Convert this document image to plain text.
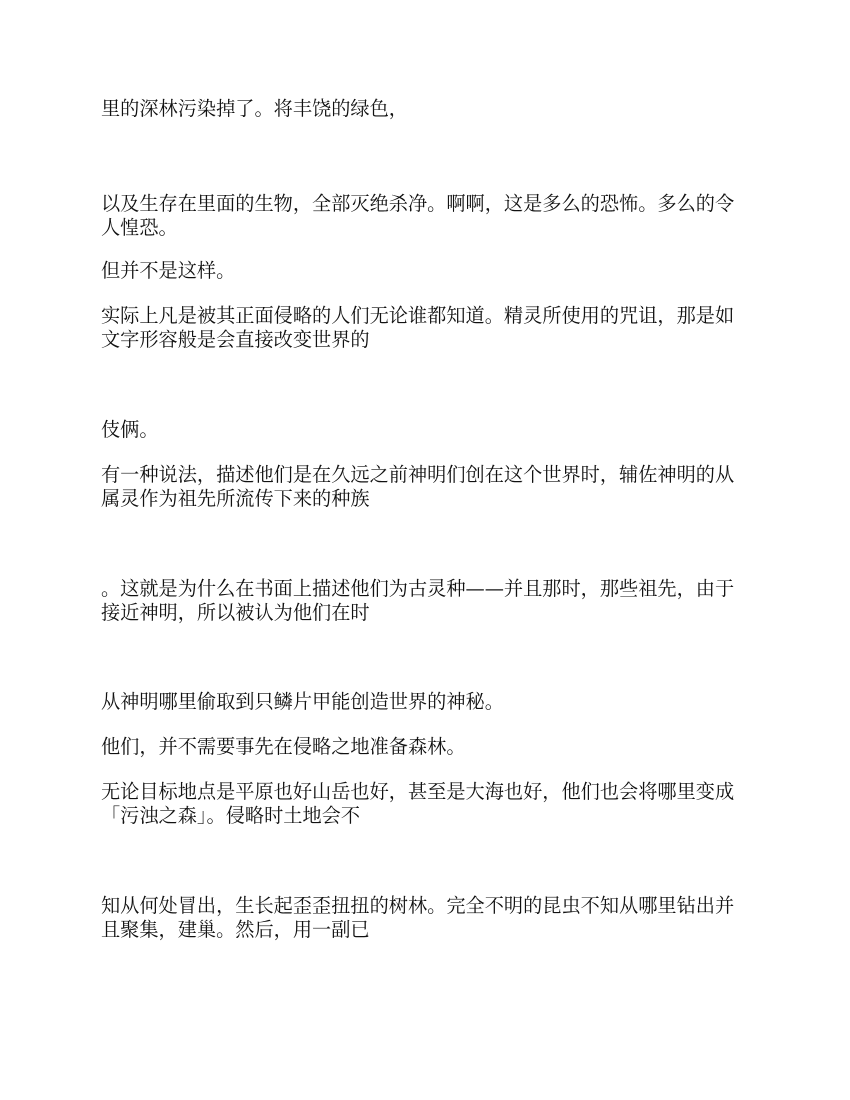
里的深林污染掉了。将丰饶的绿色，

以及生存在里面的生物，全部灭绝杀净。啊啊，这是多么的恐怖。多么的令人惶恐。

但并不是这样。

实际上凡是被其正面侵略的人们无论谁都知道。精灵所使用的咒诅，那是如文字形容般是会直接改变世界的

伎俩。

有一种说法，描述他们是在久远之前神明们创在这个世界时，辅佐神明的从属灵作为祖先所流传下来的种族

。这就是为什么在书面上描述他们为古灵种——并且那时，那些祖先，由于接近神明，所以被认为他们在时

从神明哪里偷取到只鳞片甲能创造世界的神秘。

他们，并不需要事先在侵略之地准备森林。

无论目标地点是平原也好山岳也好，甚至是大海也好，他们也会将哪里变成「污浊之森」。侵略时土地会不

知从何处冒出，生长起歪歪扭扭的树林。完全不明的昆虫不知从哪里钻出并且聚集，建巢。然后，用一副已
